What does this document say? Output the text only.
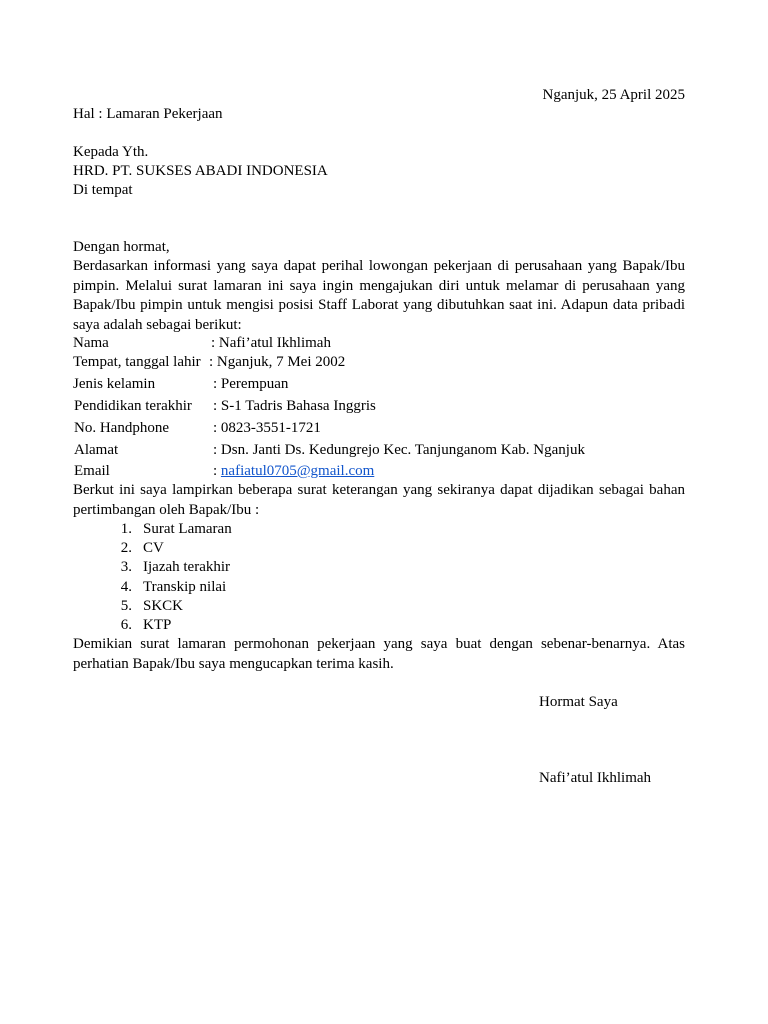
Nganjuk, 25 April 2025
Hal : Lamaran Pekerjaan
Kepada Yth.
HRD. PT. SUKSES ABADI INDONESIA
Di tempat
Dengan hormat,
Berdasarkan informasi yang saya dapat perihal lowongan pekerjaan di perusahaan yang Bapak/Ibu pimpin. Melalui surat lamaran ini saya ingin mengajukan diri untuk melamar di perusahaan yang Bapak/Ibu pimpin untuk mengisi posisi Staff Laborat yang dibutuhkan saat ini. Adapun data pribadi saya adalah sebagai berikut:
Nama	: Nafi’atul Ikhlimah
Tempat, tanggal lahir : Nganjuk, 7 Mei 2002
Jenis kelamin	: Perempuan
Pendidikan terakhir : S-1 Tadris Bahasa Inggris
No. Handphone	: 0823-3551-1721
Alamat	: Dsn. Janti Ds. Kedungrejo Kec. Tanjunganom Kab. Nganjuk
Email	: nafiatul0705@gmail.com
Berkut ini saya lampirkan beberapa surat keterangan yang sekiranya dapat dijadikan sebagai bahan pertimbangan oleh Bapak/Ibu :
1. Surat Lamaran
2. CV
3. Ijazah terakhir
4. Transkip nilai
5. SKCK
6. KTP
Demikian surat lamaran permohonan pekerjaan yang saya buat dengan sebenar-benarnya. Atas perhatian Bapak/Ibu saya mengucapkan terima kasih.
Hormat Saya
Nafi’atul Ikhlimah
